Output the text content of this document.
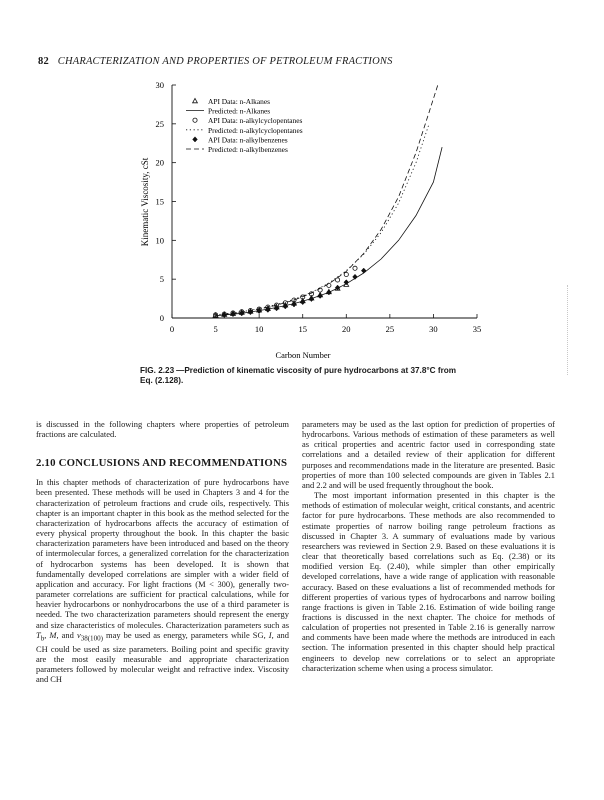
82 CHARACTERIZATION AND PROPERTIES OF PETROLEUM FRACTIONS
0
5
10
15
20
25
30
0	5	10	15	20	25	30	35
API Data: n-Alkanes
Predicted: n-Alkanes
API Data: n-alkylcyclopentanes
Predicted: n-alkylcyclopentanes
API Data: n-alkylbenzenes
Predicted: n-alkylbenzenes
Kinematic Viscosity, cSt
Carbon Number
FIG. 2.23 —Prediction of kinematic viscosity of pure hydrocarbons at 37.8°C from Eq. (2.128).

is discussed in the following chapters where properties of petroleum fractions are calculated.

2.10 CONCLUSIONS AND RECOMMENDATIONS

In this chapter methods of characterization of pure hydrocarbons have been presented. These methods will be used in Chapters 3 and 4 for the characterization of petroleum fractions and crude oils, respectively. This chapter is an important chapter in this book as the method selected for the characterization of hydrocarbons affects the accuracy of estimation of every physical property throughout the book. In this chapter the basic characterization parameters have been introduced and based on the theory of intermolecular forces, a generalized correlation for the characterization of hydrocarbon systems has been developed. It is shown that fundamentally developed correlations are simpler with a wider field of application and accuracy. For light fractions (M < 300), generally two-parameter correlations are sufficient for practical calculations, while for heavier hydrocarbons or nonhydrocarbons the use of a third parameter is needed. The two characterization parameters should represent the energy and size characteristics of molecules. Characterization parameters such as $T_b$, M, and $\nu_{38(100)}$ may be used as energy, parameters while SG, I, and CH could be used as size parameters. Boiling point and specific gravity are the most easily measurable and appropriate characterization parameters followed by molecular weight and refractive index. Viscosity and CH

parameters may be used as the last option for prediction of properties of hydrocarbons. Various methods of estimation of these parameters as well as critical properties and acentric factor used in corresponding state correlations and a detailed review of their application for different purposes and recommendations made in the literature are presented. Basic properties of more than 100 selected compounds are given in Tables 2.1 and 2.2 and will be used frequently throughout the book.

The most important information presented in this chapter is the methods of estimation of molecular weight, critical constants, and acentric factor for pure hydrocarbons. These methods are also recommended to estimate properties of narrow boiling range petroleum fractions as discussed in Chapter 3. A summary of evaluations made by various researchers was reviewed in Section 2.9. Based on these evaluations it is clear that theoretically based correlations such as Eq. (2.38) or its modified version Eq. (2.40), while simpler than other empirically developed correlations, have a wide range of application with reasonable accuracy. Based on these evaluations a list of recommended methods for different properties of various types of hydrocarbons and narrow boiling range fractions is given in Table 2.16. Estimation of wide boiling range fractions is discussed in the next chapter. The choice for methods of calculation of properties not presented in Table 2.16 is generally narrow and comments have been made where the methods are introduced in each section. The information presented in this chapter should help practical engineers to develop new correlations or to select an appropriate characterization scheme when using a process simulator.
